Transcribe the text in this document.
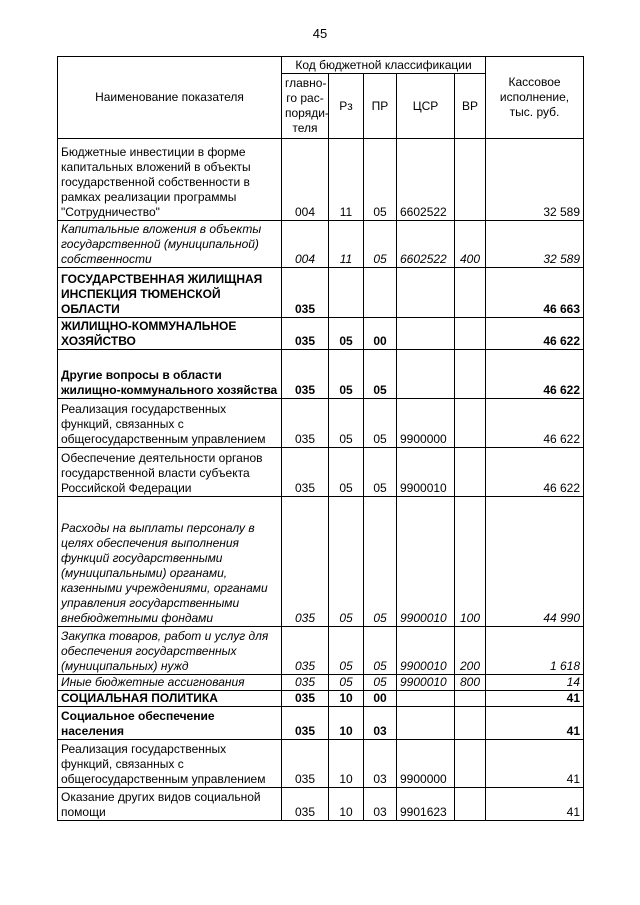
45
Наименование показателя	Код бюджетной классификации					Кассовое исполнение, тыс. руб.
	главно-го рас-поряди-теля	Рз	ПР	ЦСР	ВР	
Бюджетные инвестиции в форме капитальных вложений в объекты государственной собственности в рамках реализации программы "Сотрудничество"	004	11	05	6602522		32 589
Капитальные вложения в объекты государственной (муниципальной) собственности	004	11	05	6602522	400	32 589
ГОСУДАРСТВЕННАЯ ЖИЛИЩНАЯ ИНСПЕКЦИЯ ТЮМЕНСКОЙ ОБЛАСТИ	035					46 663
ЖИЛИЩНО-КОММУНАЛЬНОЕ ХОЗЯЙСТВО	035	05	00			46 622
Другие вопросы в области жилищно-коммунального хозяйства	035	05	05			46 622
Реализация государственных функций, связанных с общегосударственным управлением	035	05	05	9900000		46 622
Обеспечение деятельности органов государственной власти субъекта Российской Федерации	035	05	05	9900010		46 622
Расходы на выплаты персоналу в целях обеспечения выполнения функций государственными (муниципальными) органами, казенными учреждениями, органами управления государственными внебюджетными фондами	035	05	05	9900010	100	44 990
Закупка товаров, работ и услуг для обеспечения государственных (муниципальных) нужд	035	05	05	9900010	200	1 618
Иные бюджетные ассигнования	035	05	05	9900010	800	14
СОЦИАЛЬНАЯ ПОЛИТИКА	035	10	00			41
Социальное обеспечение населения	035	10	03			41
Реализация государственных функций, связанных с общегосударственным управлением	035	10	03	9900000		41
Оказание других видов социальной помощи	035	10	03	9901623		41
